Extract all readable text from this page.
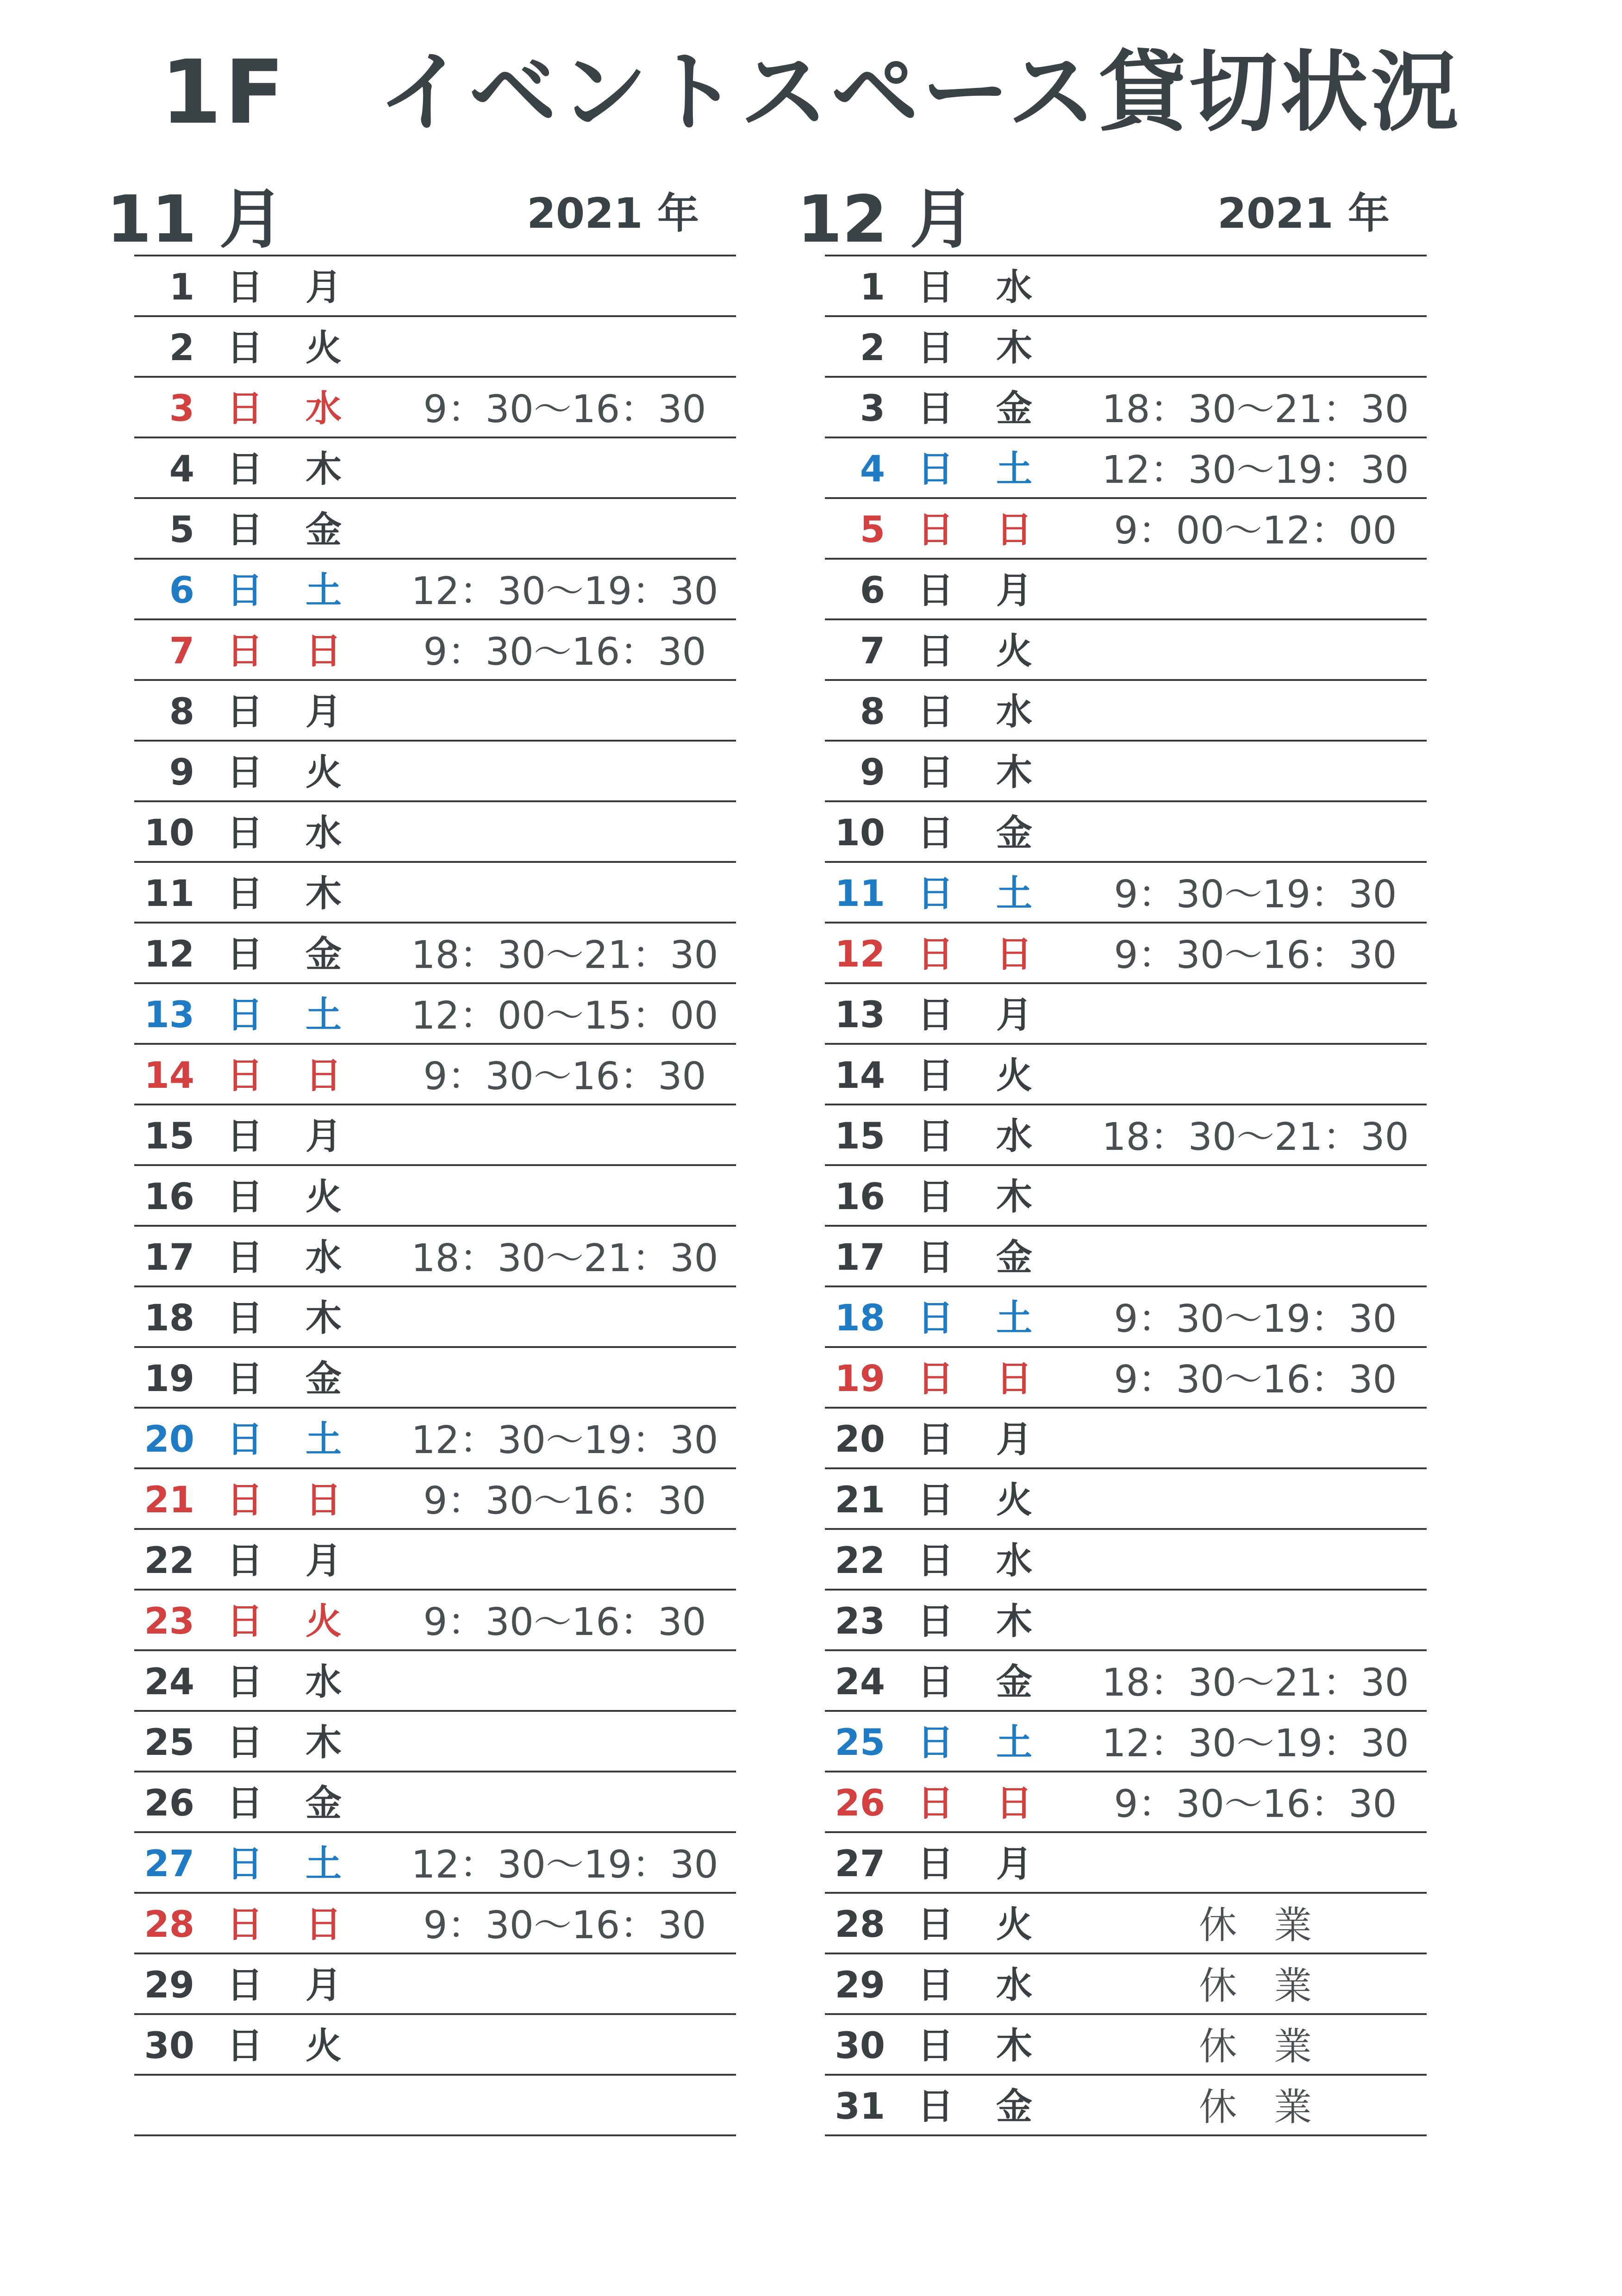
1F　イベントスペース貸切状況
11 月	2021 年
1 日 月
2 日 火
3 日 水	9：30～16：30
4 日 木
5 日 金
6 日 土 12：30～19：30
7 日 日	9：30～16：30
8 日 月
9 日 火
10 日 水
11 日 木
12 日 金 18：30～21：30
13 日 土 12：00～15：00
14 日 日	9：30～16：30
15 日 月
16 日 火
17 日 水 18：30～21：30
18 日 木
19 日 金
20 日 土 12：30～19：30
21 日 日	9：30～16：30
22 日 月
23 日 火	9：30～16：30
24 日 水
25 日 木
26 日 金
27 日 土 12：30～19：30
28 日 日	9：30～16：30
29 日 月
30 日 火
12 月	2021 年
1 日 水
2 日 木
3 日 金 18：30～21：30
4 日 土 12：30～19：30
5 日 日	9：00～12：00
6 日 月
7 日 火
8 日 水
9 日 木
10 日 金
11 日 土	9：30～19：30
12 日 日	9：30～16：30
13 日 月
14 日 火
15 日 水 18：30～21：30
16 日 木
17 日 金
18 日 土	9：30～19：30
19 日 日	9：30～16：30
20 日 月
21 日 火
22 日 水
23 日 木
24 日 金 18：30～21：30
25 日 土 12：30～19：30
26 日 日	9：30～16：30
27 日 月
28 日 火	休業
29 日 水	休業
30 日 木	休業
31 日 金	休業
